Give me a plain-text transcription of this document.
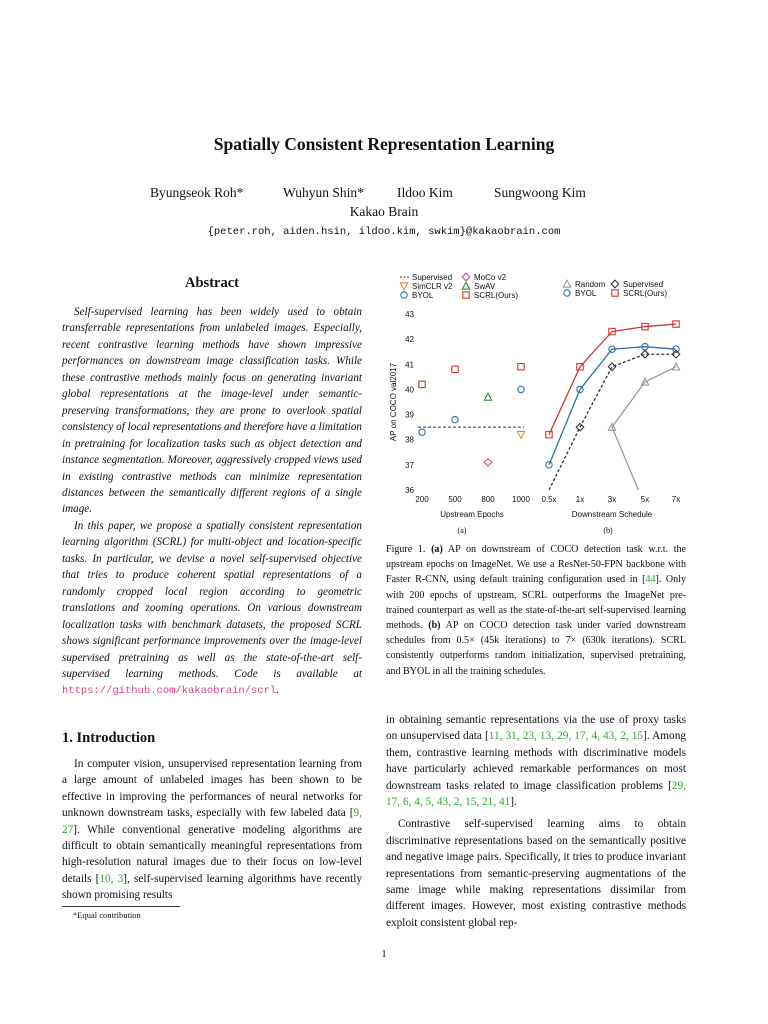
Spatially Consistent Representation Learning
Byungseok Roh*	Wuhyun Shin* Ildoo Kim	Sungwoong Kim
Kakao Brain
{peter.roh, aiden.hsin, ildoo.kim, swkim}@kakaobrain.com
Abstract

Self-supervised learning has been widely used to obtain transferrable representations from unlabeled images. Especially, recent contrastive learning methods have shown impressive performances on downstream image classification tasks. While these contrastive methods mainly focus on generating invariant global representations at the image-level under semantic-preserving transformations, they are prone to overlook spatial consistency of local representations and therefore have a limitation in pretraining for localization tasks such as object detection and instance segmentation. Moreover, aggressively cropped views used in existing contrastive methods can minimize representation distances between the semantically different regions of a single image.

In this paper, we propose a spatially consistent representation learning algorithm (SCRL) for multi-object and location-specific tasks. In particular, we devise a novel self-supervised objective that tries to produce coherent spatial representations of a randomly cropped local region according to geometric translations and zooming operations. On various downstream localization tasks with benchmark datasets, the proposed SCRL shows significant performance improvements over the image-level supervised pretraining as well as the state-of-the-art self-supervised learning methods. Code is available at https://github.com/kakaobrain/scrl.

1. Introduction

In computer vision, unsupervised representation learning from a large amount of unlabeled images has been shown to be effective in improving the performances of neural networks for unknown downstream tasks, especially with few labeled data [9, 27]. While conventional generative modeling algorithms are difficult to obtain semantically meaningful representations from high-resolution natural images due to their focus on low-level details [10, 3], self-supervised learning algorithms have recently shown promising results

*Equal contribution
36
37
38
39
40
41
42
43
200 500 800 1000
AP on COCO val2017
Upstream Epochs
(a)
Supervised
SimCLR v2
BYOL
MoCo v2
SwAV
SCRL(Ours)
0.5x 1x	3x	5x	7x
Downstream Schedule
(b)
Random
BYOL
Supervised
SCRL(Ours)
Figure 1. (a) AP on downstream of COCO detection task w.r.t. the upstream epochs on ImageNet. We use a ResNet-50-FPN backbone with Faster R-CNN, using default training configuration used in [44]. Only with 200 epochs of upstream, SCRL outperforms the ImageNet pre-trained counterpart as well as the state-of-the-art self-supervised learning methods. (b) AP on COCO detection task under varied downstream schedules from 0.5× (45k iterations) to 7× (630k iterations). SCRL consistently outperforms random initialization, supervised pretraining, and BYOL in all the training schedules.

in obtaining semantic representations via the use of proxy tasks on unsupervised data [11, 31, 23, 13, 29, 17, 4, 43, 2, 15]. Among them, contrastive learning methods with discriminative models have particularly achieved remarkable performances on most downstream tasks related to image classification problems [29, 17, 6, 4, 5, 43, 2, 15, 21, 41].

Contrastive self-supervised learning aims to obtain discriminative representations based on the semantically positive and negative image pairs. Specifically, it tries to produce invariant representations from semantic-preserving augmentations of the same image while making representations dissimilar from different images. However, most existing contrastive methods exploit consistent global rep-

1
